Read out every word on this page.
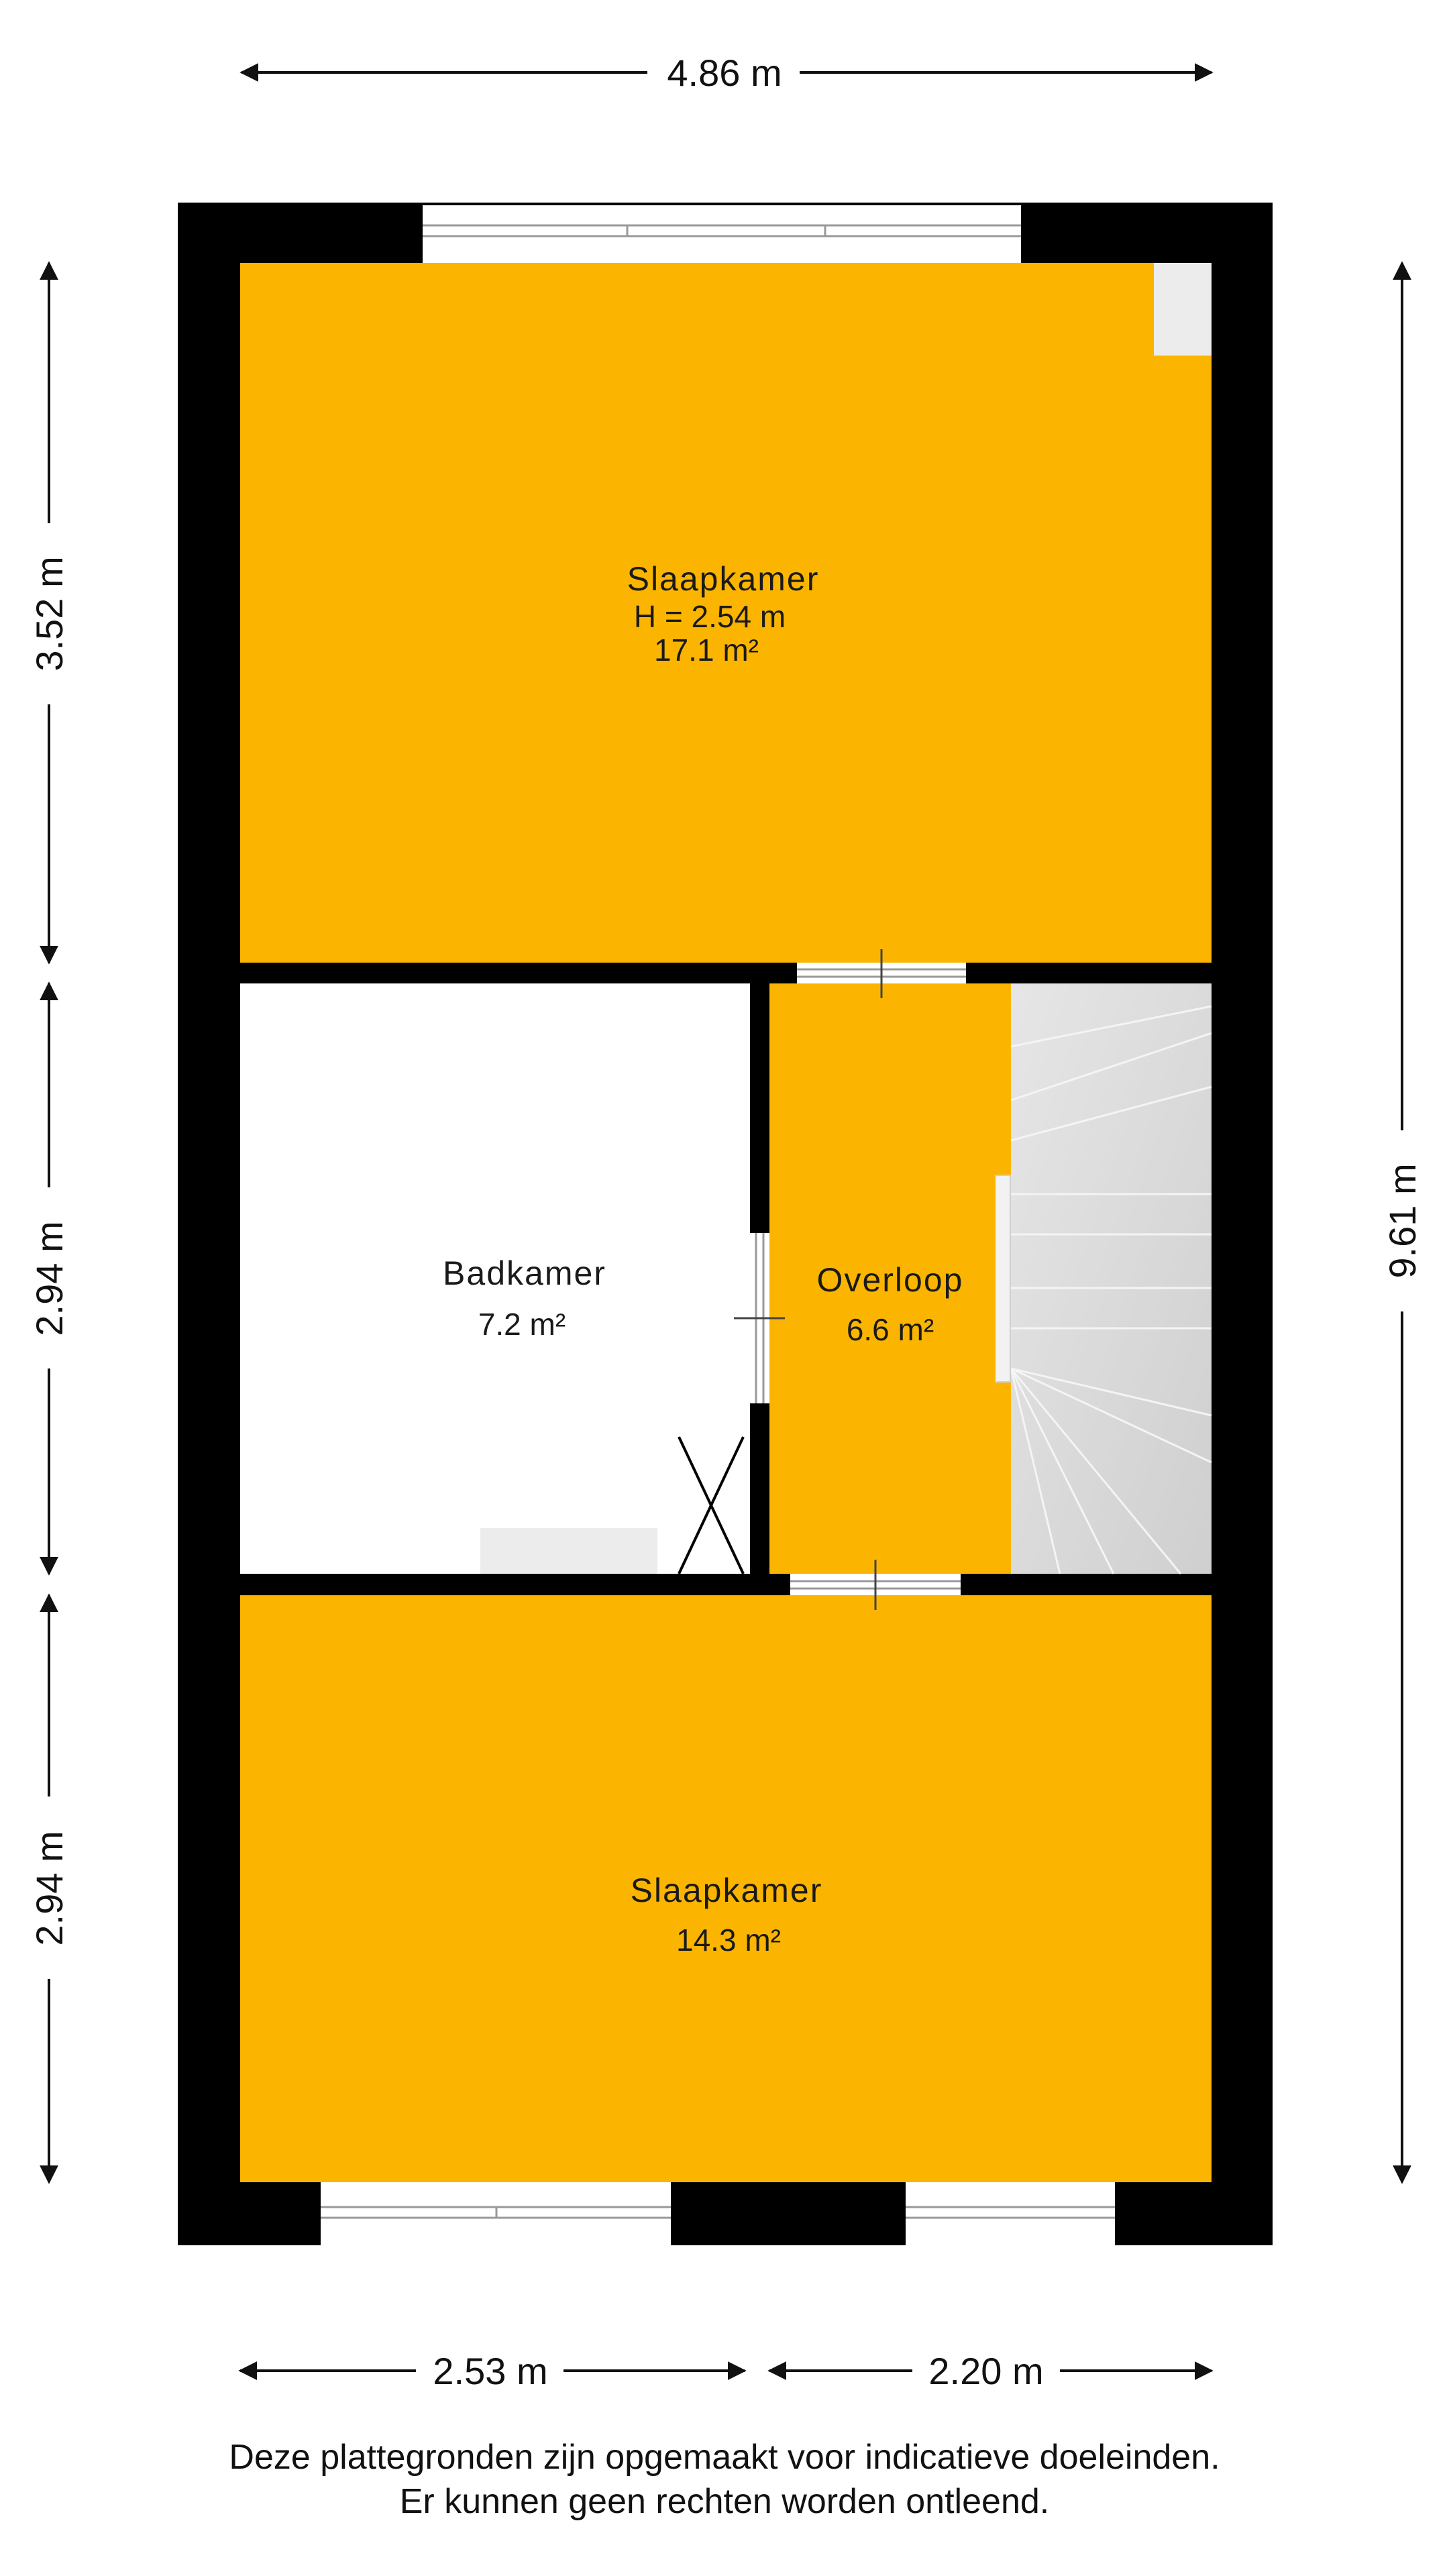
Slaapkamer
H = 2.54 m
17.1 m²
Badkamer
7.2 m²
Overloop
6.6 m²
Slaapkamer
14.3 m²
4.86 m
3.52 m
2.94 m
2.94 m
9.61 m
2.53 m	2.20 m
Deze plattegronden zijn opgemaakt voor indicatieve doeleinden.
Er kunnen geen rechten worden ontleend.
